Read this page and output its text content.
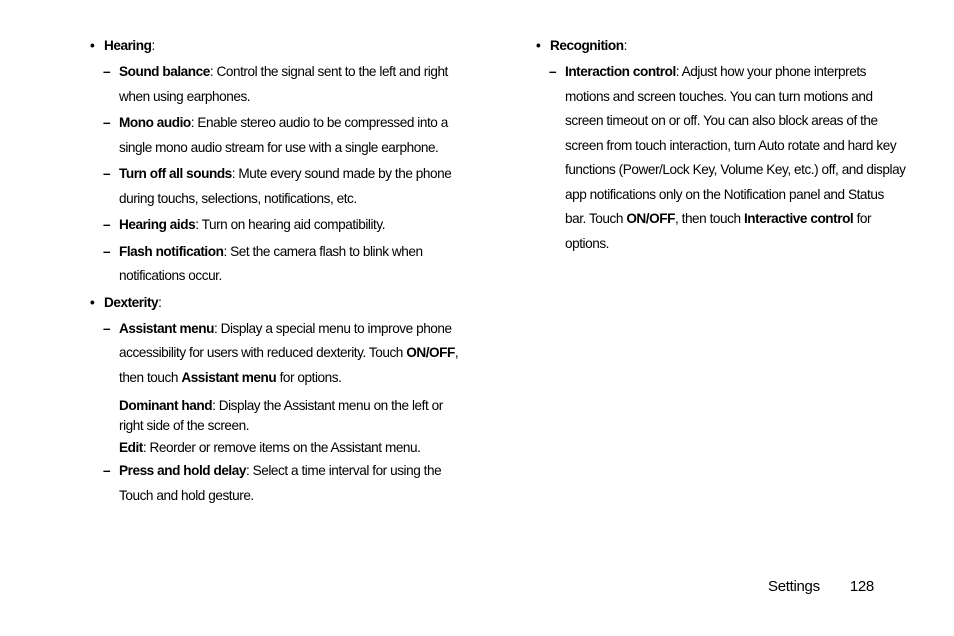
• Hearing:

– Sound balance: Control the signal sent to the left and right when using earphones.

– Mono audio: Enable stereo audio to be compressed into a single mono audio stream for use with a single earphone.

– Turn off all sounds: Mute every sound made by the phone during touchs, selections, notifications, etc.

– Hearing aids: Turn on hearing aid compatibility.

– Flash notification: Set the camera flash to blink when notifications occur.

• Dexterity:

– Assistant menu: Display a special menu to improve phone accessibility for users with reduced dexterity. Touch ON/OFF, then touch Assistant menu for options.

Dominant hand: Display the Assistant menu on the left or right side of the screen.

Edit: Reorder or remove items on the Assistant menu.

– Press and hold delay: Select a time interval for using the Touch and hold gesture.

• Recognition:

– Interaction control: Adjust how your phone interprets motions and screen touches. You can turn motions and screen timeout on or off. You can also block areas of the screen from touch interaction, turn Auto rotate and hard key functions (Power/Lock Key, Volume Key, etc.) off, and display app notifications only on the Notification panel and Status bar. Touch ON/OFF, then touch Interactive control for options.

Settings 128
